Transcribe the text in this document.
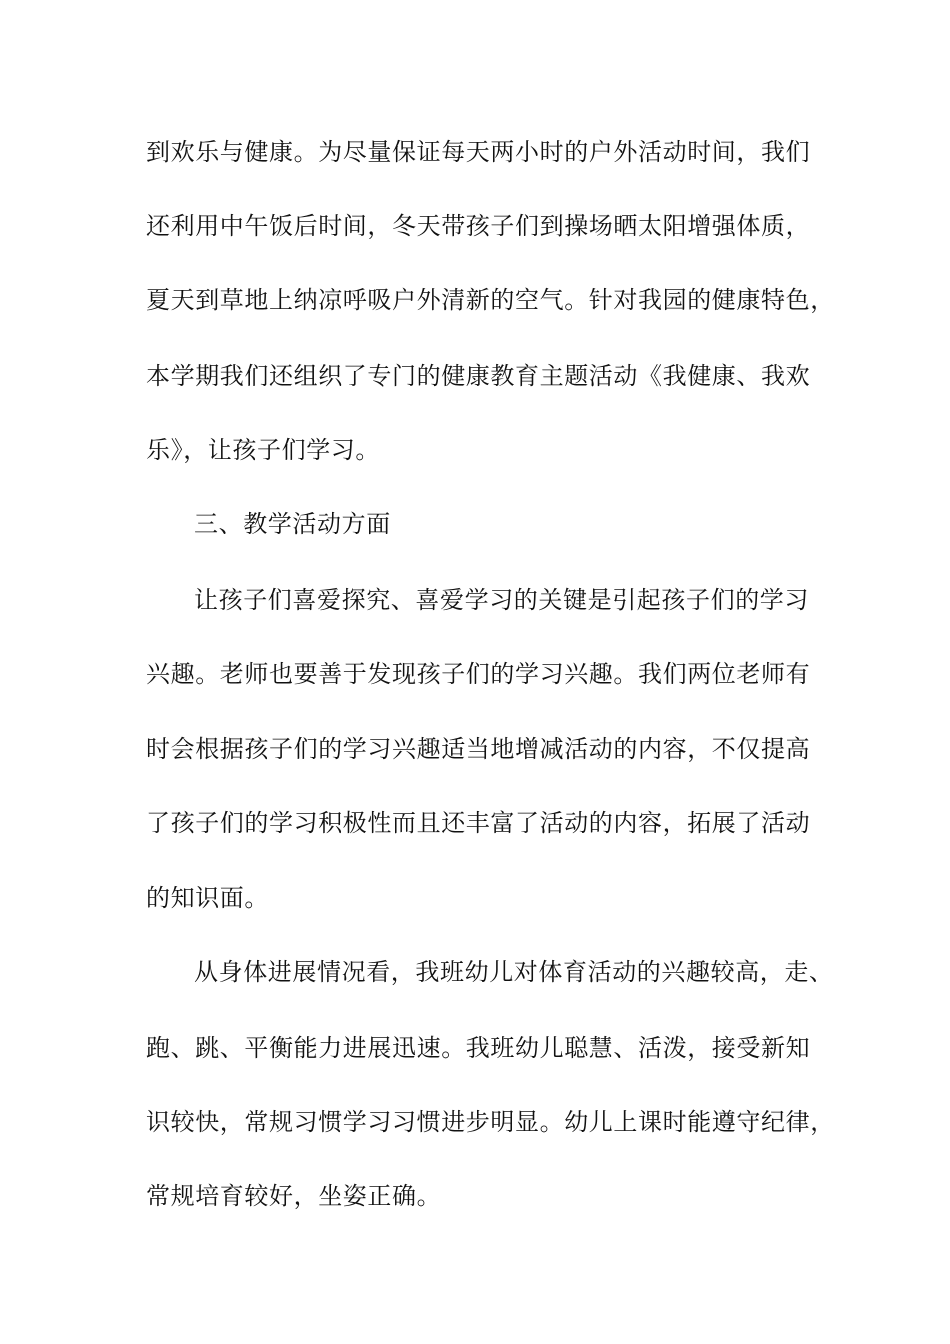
到欢乐与健康。为尽量保证每天两小时的户外活动时间，我们
还利用中午饭后时间，冬天带孩子们到操场晒太阳增强体质，
夏天到草地上纳凉呼吸户外清新的空气。针对我园的健康特色，
本学期我们还组织了专门的健康教育主题活动《我健康、我欢
乐》，让孩子们学习。
三、教学活动方面
让孩子们喜爱探究、喜爱学习的关键是引起孩子们的学习
兴趣。老师也要善于发现孩子们的学习兴趣。我们两位老师有
时会根据孩子们的学习兴趣适当地增减活动的内容，不仅提高
了孩子们的学习积极性而且还丰富了活动的内容，拓展了活动
的知识面。
从身体进展情况看，我班幼儿对体育活动的兴趣较高，走、
跑、跳、平衡能力进展迅速。我班幼儿聪慧、活泼，接受新知
识较快，常规习惯学习习惯进步明显。幼儿上课时能遵守纪律，
常规培育较好，坐姿正确。
